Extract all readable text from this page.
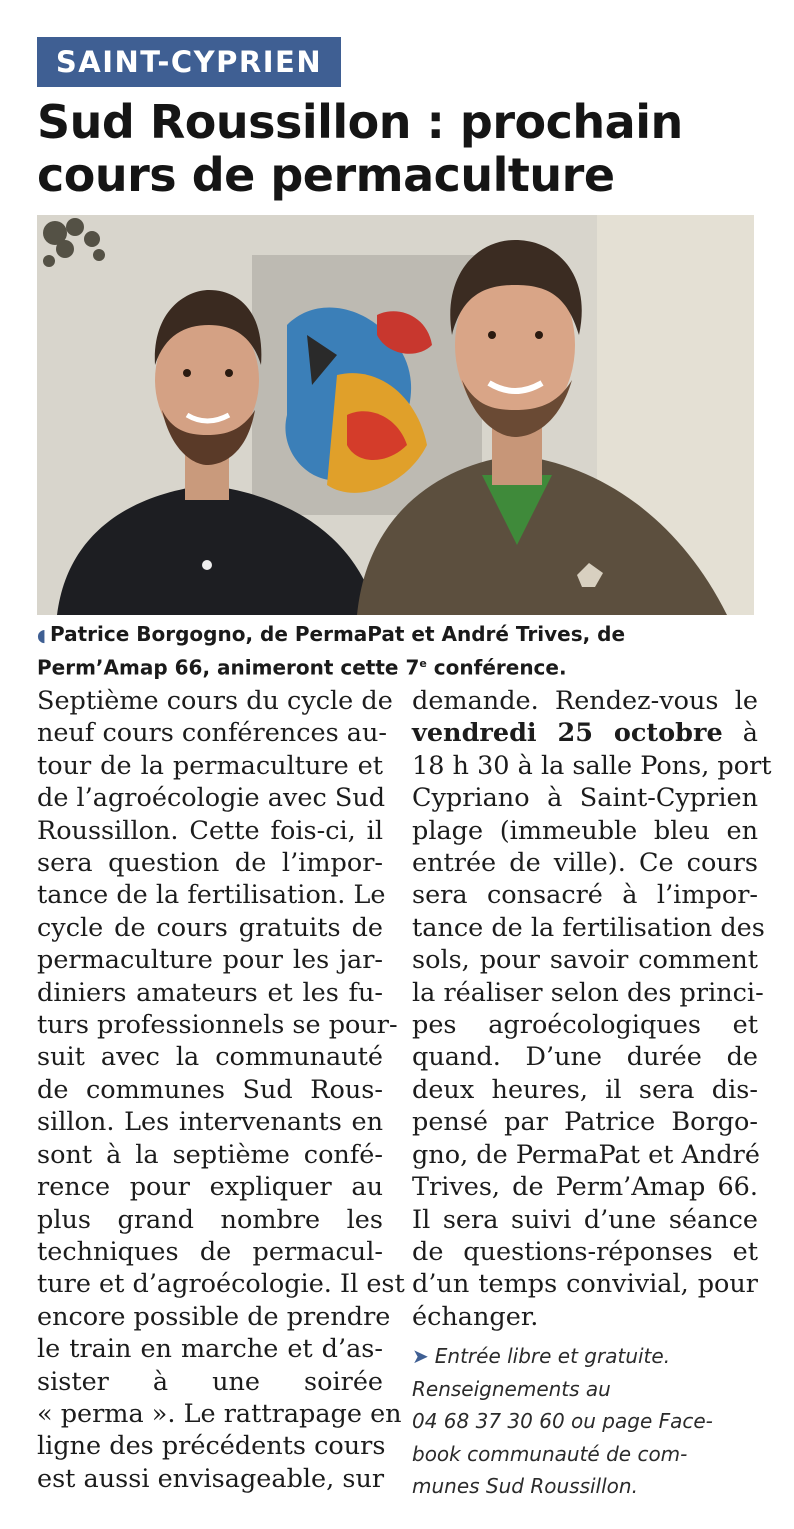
SAINT-CYPRIEN
Sud Roussillon : prochain
cours de permaculture
◖ Patrice Borgogno, de PermaPat et André Trives, de
Perm’Amap 66, animeront cette 7e conférence.
Septième cours du cycle de
neuf cours conférences au-
tour de la permaculture et
de l’agroécologie avec Sud
Roussillon. Cette fois-ci, il
sera question de l’impor-
tance de la fertilisation. Le
cycle de cours gratuits de
permaculture pour les jar-
diniers amateurs et les fu-
turs professionnels se pour-
suit avec la communauté
de communes Sud Rous-
sillon. Les intervenants en
sont à la septième confé-
rence pour expliquer au
plus grand nombre les
techniques de permacul-
ture et d’agroécologie. Il est
encore possible de prendre
le train en marche et d’as-
sister à une soirée
« perma ». Le rattrapage en
ligne des précédents cours
est aussi envisageable, sur
demande. Rendez-vous le
vendredi 25 octobre à
18 h 30 à la salle Pons, port
Cypriano à Saint-Cyprien
plage (immeuble bleu en
entrée de ville). Ce cours
sera consacré à l’impor-
tance de la fertilisation des
sols, pour savoir comment
la réaliser selon des princi-
pes agroécologiques et
quand. D’une durée de
deux heures, il sera dis-
pensé par Patrice Borgo-
gno, de PermaPat et André
Trives, de Perm’Amap 66.
Il sera suivi d’une séance
de questions-réponses et
d’un temps convivial, pour
échanger.
➤ Entrée libre et gratuite.
Renseignements au
04 68 37 30 60 ou page Face-
book communauté de com-
munes Sud Roussillon.
